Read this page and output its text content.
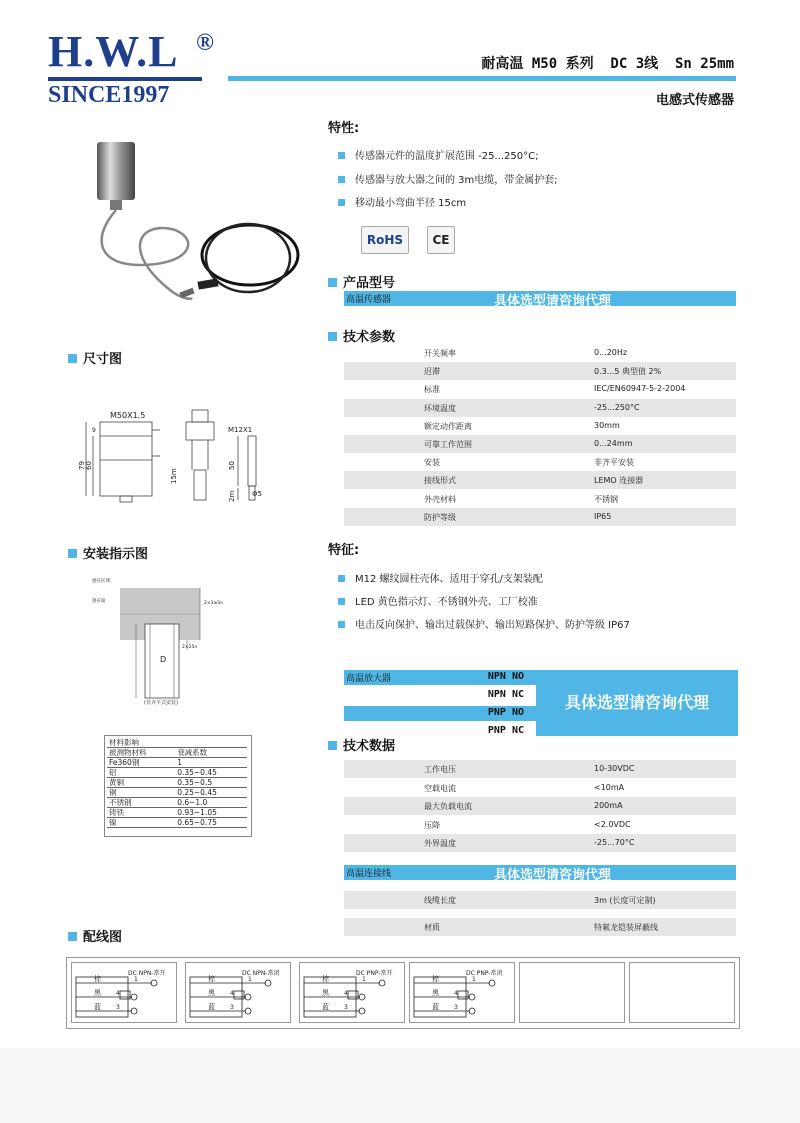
H.W.L ®
SINCE1997
耐高温 M50 系列  DC 3线  Sn 25mm
电感式传感器
特性:
传感器元件的温度扩展范围 -25...250°C;
传感器与放大器之间的 3m电缆，带金属护套;
移动最小弯曲半径 15cm
RoHS	CE
产品型号
高温传感器	具体选型请咨询代理
技术参数
开关频率	0...20Hz
迟滞	0.3...5 典型值 2%
标准	IEC/EN60947-5-2-2004
环境温度	-25...250°C
额定动作距离	30mm
可靠工作范围	0...24mm
安装	非齐平安装
接线形式	LEMO 连接器
外壳材料	不锈钢
防护等级	IP65
尺寸图
M50X1.5
79 60
9	M12X1
15m
50
2m Φ5
安装指示图
感应区域
感应面	2×3≥Sn
2×25n
D
(非齐平式安装)
材料影响	
被测物材料	衰减系数
Fe360钢	1
铝	0.35~0.45
黄铜	0.35~0.5
铜	0.25~0.45
不锈钢	0.6~1.0
铸铁	0.93~1.05
镍	0.65~0.75
特征:
M12 螺纹圆柱壳体、适用于穿孔/支架装配
LED 黄色指示灯、不锈钢外壳、工厂校准
电击反向保护、输出过载保护、输出短路保护、防护等级 IP67
高温放大器	NPN NO
NPN NC
PNP NO
PNP NC
具体选型请咨询代理
技术数据
工作电压	10-30VDC
空载电流	<10mA
最大负载电流	200mA
压降	<2.0VDC
外界温度	-25...70°C
高温连接线	具体选型请咨询代理
线缆长度	3m (长度可定制)
材质	特氟龙铠装屏蔽线
配线图
DC NPN-常开
棕
黑
蓝
1
4
3
DC NPN-常闭
棕
黑
蓝
1
4
3
DC PNP-常开
棕
黑
蓝
1
4
3
DC PNP-常闭
棕
黑
蓝
1
4
3
